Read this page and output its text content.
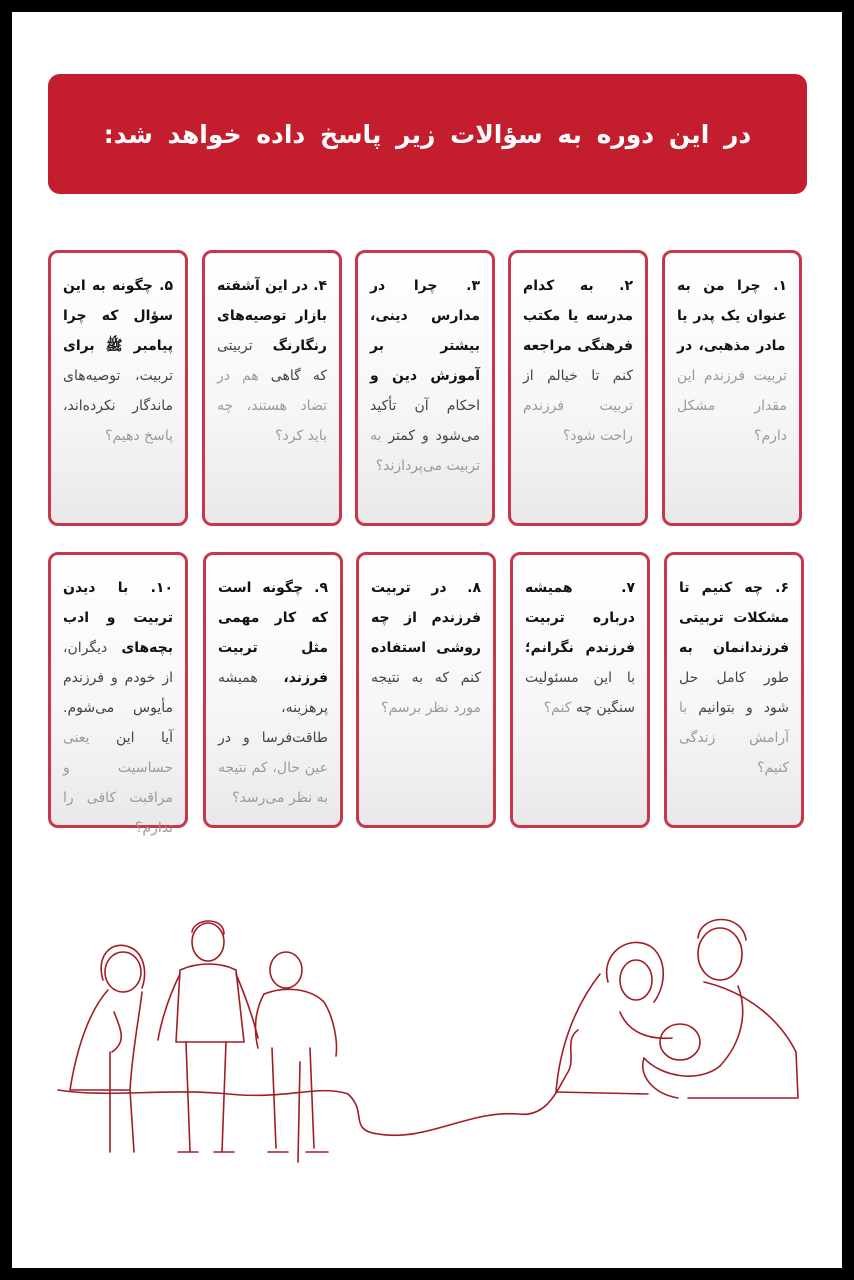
در این دوره به سؤالات زیر پاسخ داده خواهد شد:
۱. چرا من به عنوان یک پدر یا مادر مذهبی، در تربیت فرزندم این مقدار مشکل دارم؟
۲. به کدام مدرسه یا مکتب فرهنگی مراجعه کنم تا خیالم از تربیت فرزندم راحت شود؟
۳. چرا در مدارس دینی، بیشتر بر آموزش دین و احکام آن تأکید می‌شود و کمتر به تربیت می‌پردازند؟
۴. در این آشفته بازار توصیه‌های رنگارنگ تربیتی که گاهی هم در تضاد هستند، چه باید کرد؟
۵. چگونه به این سؤال که چرا پیامبر ﷺ برای تربیت، توصیه‌های ماندگار نکرده‌اند، پاسخ دهیم؟
۶. چه کنیم تا مشکلات تربیتی فرزندانمان به طور کامل حل شود و بتوانیم با آرامش زندگی کنیم؟
۷. همیشه درباره تربیت فرزندم نگرانم؛ با این مسئولیت سنگین چه کنم؟
۸. در تربیت فرزندم از چه روشی استفاده کنم که به نتیجه مورد نظر برسم؟
۹. چگونه است که کار مهمی مثل تربیت فرزند، همیشه پرهزینه، طاقت‌فرسا و در عین حال، کم نتیجه به نظر می‌رسد؟
۱۰. با دیدن تربیت و ادب بچه‌های دیگران، از خودم و فرزندم مأیوس می‌شوم. آیا این یعنی حساسیت و مراقبت کافی را ندارم؟
